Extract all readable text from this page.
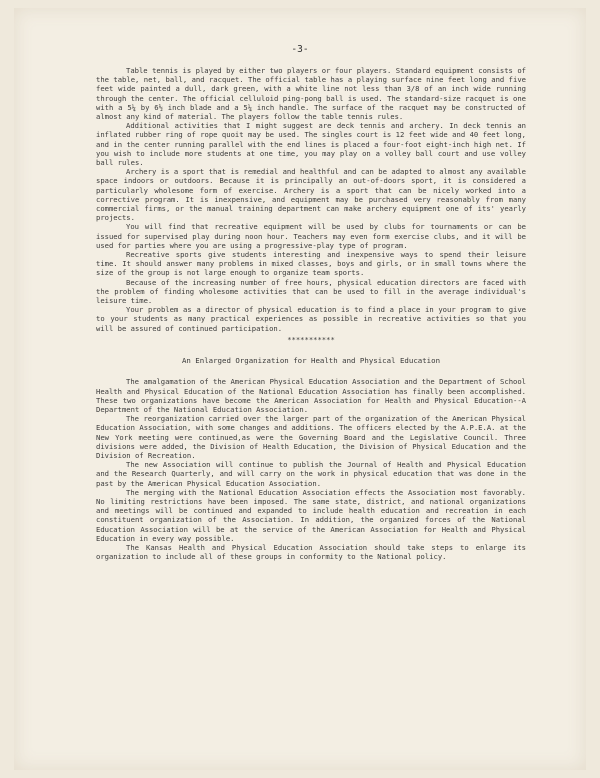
-3-

Table tennis is played by either two players or four players. Standard equipment consists of the table, net, ball, and racquet. The official table has a playing surface nine feet long and five feet wide painted a dull, dark green, with a white line not less than 3/8 of an inch wide running through the center. The official celluloid ping-pong ball is used. The standard-size racquet is one with a 5¼ by 6½ inch blade and a 5¼ inch handle. The surface of the racquet may be constructed of almost any kind of material. The players follow the table tennis rules.

Additional activities that I might suggest are deck tennis and archery. In deck tennis an inflated rubber ring of rope quoit may be used. The singles court is 12 feet wide and 40 feet long, and in the center running parallel with the end lines is placed a four-foot eight-inch high net. If you wish to include more students at one time, you may play on a volley ball court and use volley ball rules.

Archery is a sport that is remedial and healthful and can be adapted to almost any available space indoors or outdoors. Because it is principally an out-of-doors sport, it is considered a particularly wholesome form of exercise. Archery is a sport that can be nicely worked into a corrective program. It is inexpensive, and equipment may be purchased very reasonably from many commercial firms, or the manual training department can make archery equipment one of its' yearly projects.

You will find that recreative equipment will be used by clubs for tournaments or can be issued for supervised play during noon hour. Teachers may even form exercise clubs, and it will be used for parties where you are using a progressive-play type of program.

Recreative sports give students interesting and inexpensive ways to spend their leisure time. It should answer many problems in mixed classes, boys and girls, or in small towns where the size of the group is not large enough to organize team sports.

Because of the increasing number of free hours, physical education directors are faced with the problem of finding wholesome activities that can be used to fill in the average individual's leisure time.

Your problem as a director of physical education is to find a place in your program to give to your students as many practical experiences as possible in recreative activities so that you will be assured of continued participation.

***********
An Enlarged Organization for Health and Physical Education

The amalgamation of the American Physical Education Association and the Department of School Health and Physical Education of the National Education Association has finally been accomplished. These two organizations have become the American Association for Health and Physical Education--A Department of the National Education Association.

The reorganization carried over the larger part of the organization of the American Physical Education Association, with some changes and additions. The officers elected by the A.P.E.A. at the New York meeting were continued,as were the Governing Board and the Legislative Council. Three divisions were added, the Division of Health Education, the Division of Physical Education and the Division of Recreation.

The new Association will continue to publish the Journal of Health and Physical Education and the Research Quarterly, and will carry on the work in physical education that was done in the past by the American Physical Education Association.

The merging with the National Education Association effects the Association most favorably. No limiting restrictions have been imposed. The same state, district, and national organizations and meetings will be continued and expanded to include health education and recreation in each constituent organization of the Association. In addition, the organized forces of the National Education Association will be at the service of the American Association for Health and Physical Education in every way possible.

The Kansas Health and Physical Education Association should take steps to enlarge its organization to include all of these groups in conformity to the National policy.
